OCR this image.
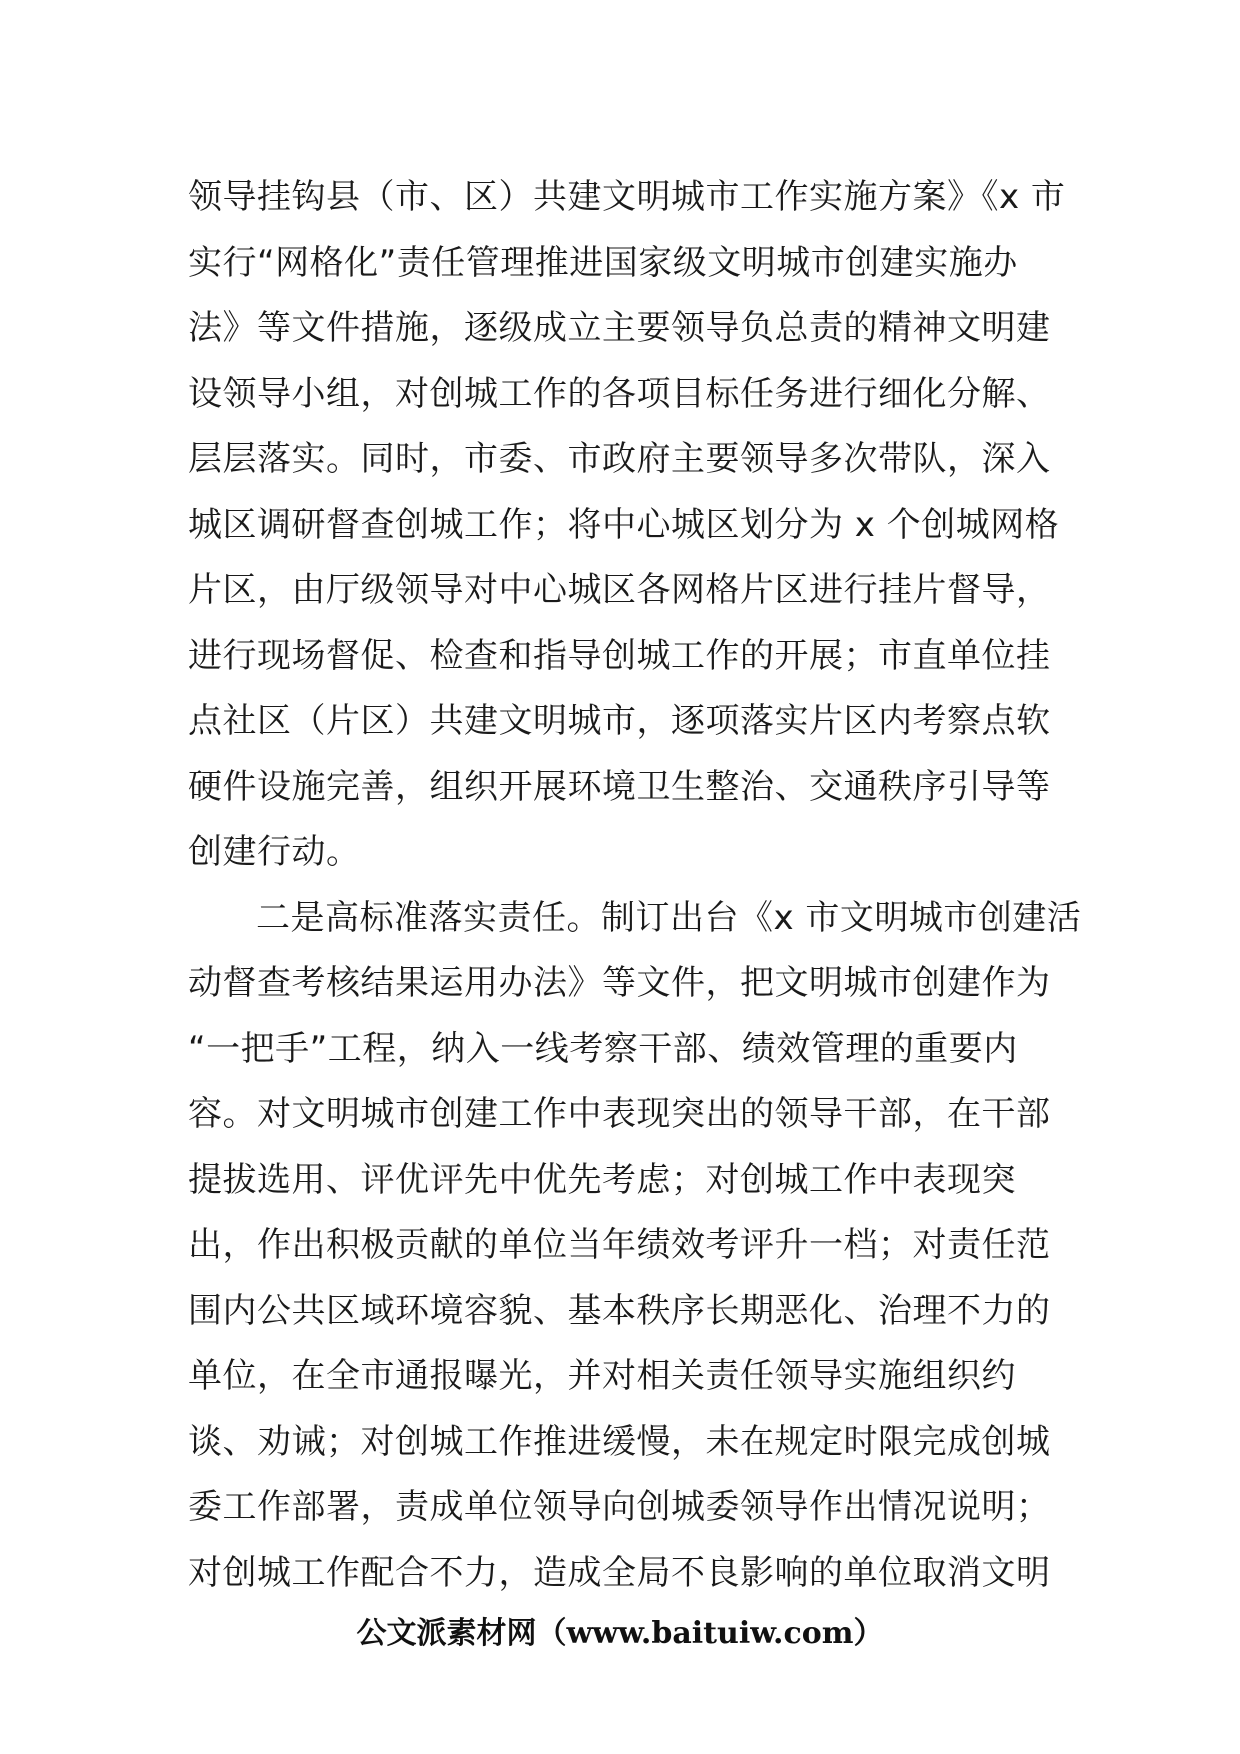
领导挂钩县（市、区）共建文明城市工作实施方案》《x 市
实行“网格化”责任管理推进国家级文明城市创建实施办
法》等文件措施，逐级成立主要领导负总责的精神文明建
设领导小组，对创城工作的各项目标任务进行细化分解、
层层落实。同时，市委、市政府主要领导多次带队，深入
城区调研督查创城工作；将中心城区划分为 x 个创城网格
片区，由厅级领导对中心城区各网格片区进行挂片督导，
进行现场督促、检查和指导创城工作的开展；市直单位挂
点社区（片区）共建文明城市，逐项落实片区内考察点软
硬件设施完善，组织开展环境卫生整治、交通秩序引导等
创建行动。
二是高标准落实责任。制订出台《x 市文明城市创建活
动督查考核结果运用办法》等文件，把文明城市创建作为
“一把手”工程，纳入一线考察干部、绩效管理的重要内
容。对文明城市创建工作中表现突出的领导干部，在干部
提拔选用、评优评先中优先考虑；对创城工作中表现突
出，作出积极贡献的单位当年绩效考评升一档；对责任范
围内公共区域环境容貌、基本秩序长期恶化、治理不力的
单位，在全市通报曝光，并对相关责任领导实施组织约
谈、劝诫；对创城工作推进缓慢，未在规定时限完成创城
委工作部署，责成单位领导向创城委领导作出情况说明；
对创城工作配合不力，造成全局不良影响的单位取消文明
公文派素材网（www.baituiw.com）
